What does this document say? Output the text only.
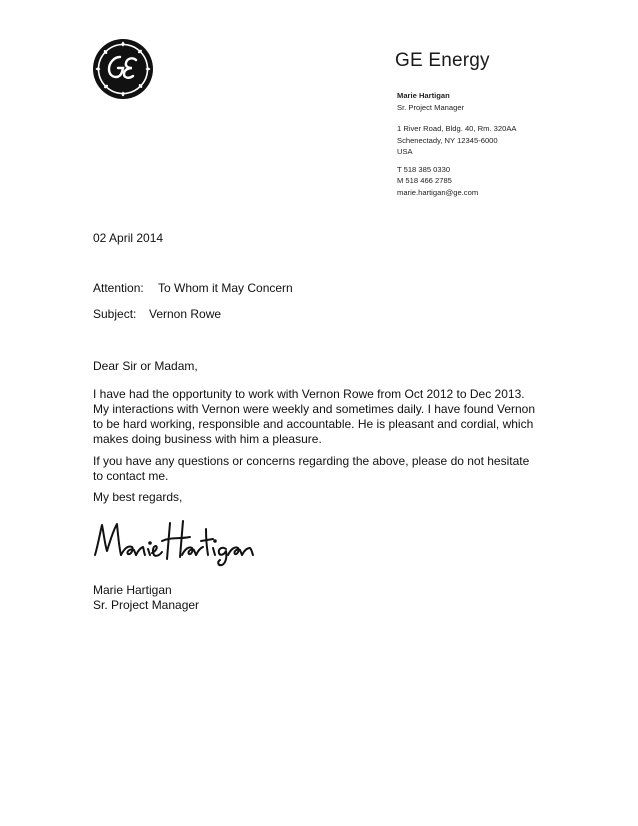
GE Energy
Marie Hartigan
Sr. Project Manager
1 River Road, Bldg. 40, Rm. 320AA
Schenectady, NY 12345-6000
USA
T 518 385 0330
M 518 466 2785
marie.hartigan@ge.com
02 April 2014
Attention: To Whom it May Concern
Subject: Vernon Rowe
Dear Sir or Madam,
I have had the opportunity to work with Vernon Rowe from Oct 2012 to Dec 2013. My interactions with Vernon were weekly and sometimes daily. I have found Vernon to be hard working, responsible and accountable. He is pleasant and cordial, which makes doing business with him a pleasure.
If you have any questions or concerns regarding the above, please do not hesitate to contact me.
My best regards,
Marie Hartigan
Sr. Project Manager
